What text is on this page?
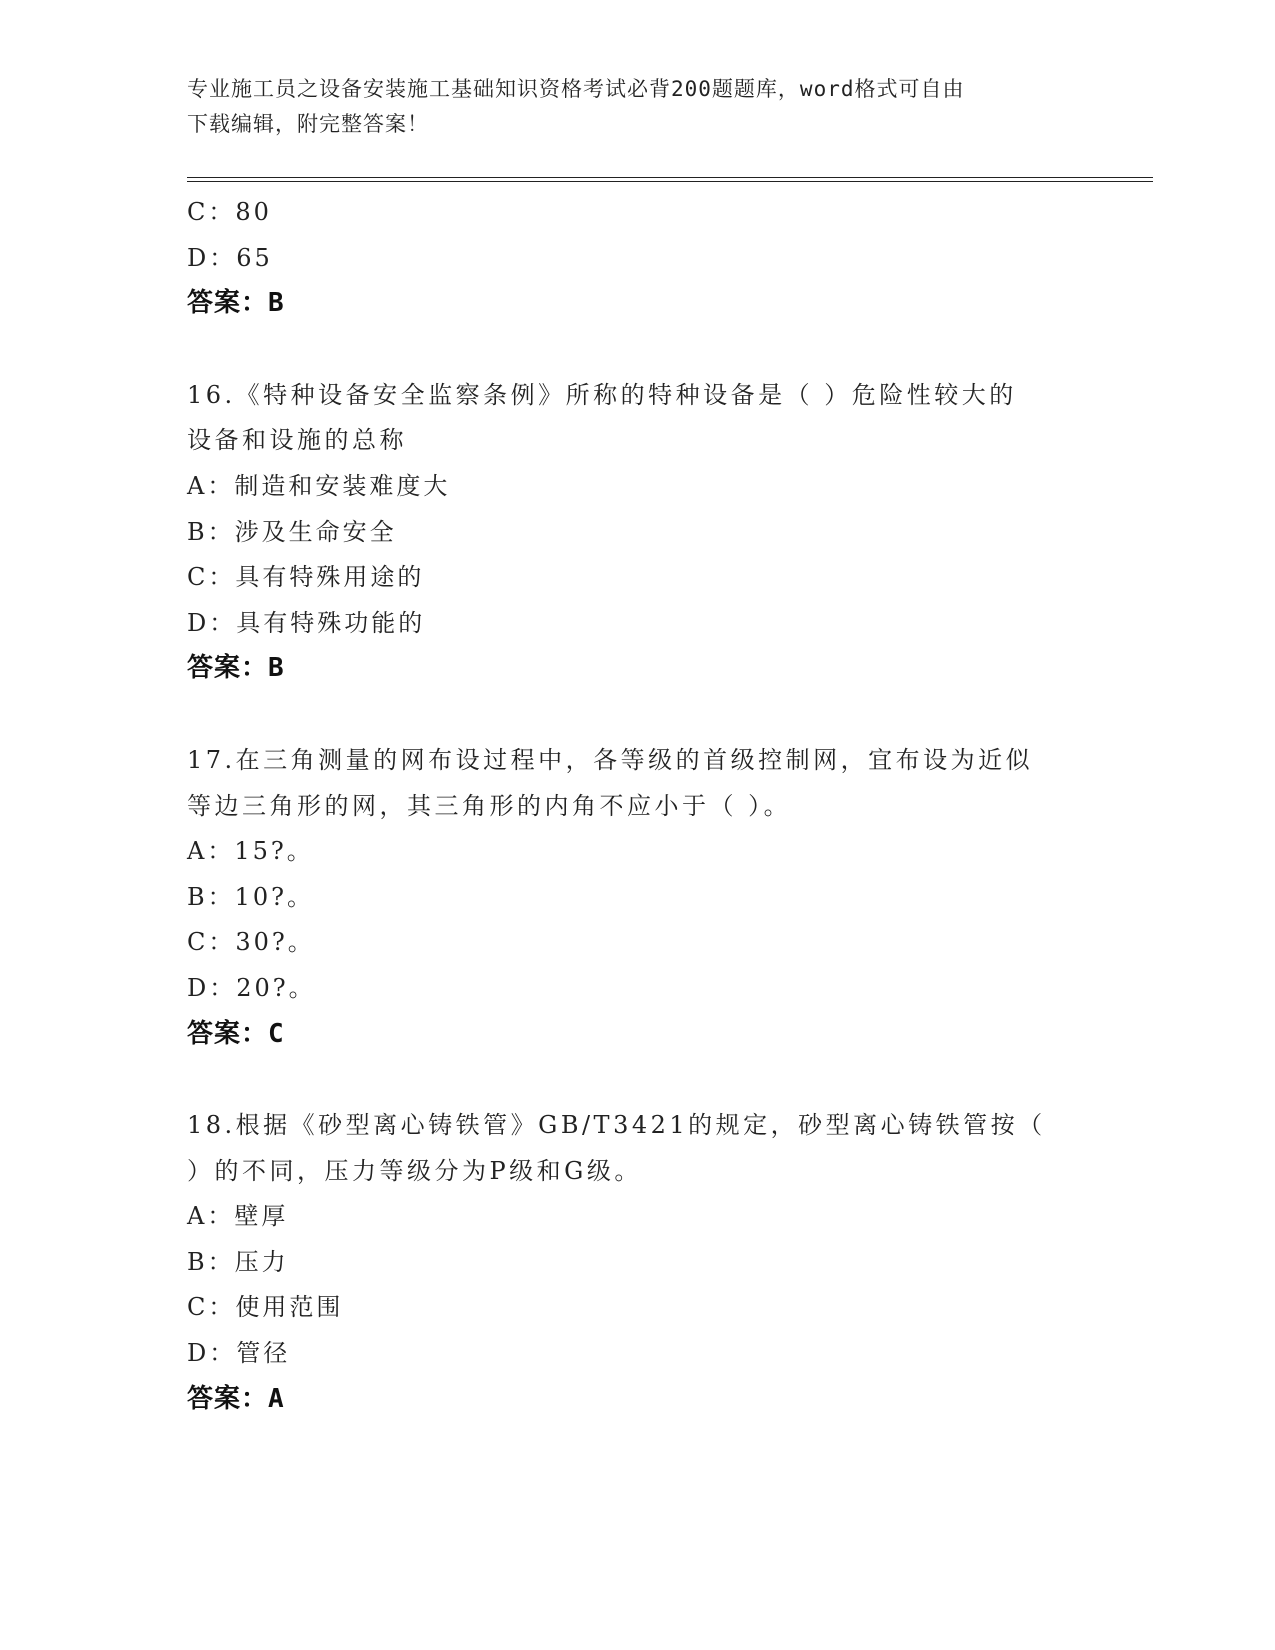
专业施工员之设备安装施工基础知识资格考试必背200题题库，word格式可自由
下载编辑，附完整答案！
C：80
D：65
答案：B
16.《特种设备安全监察条例》所称的特种设备是（ ）危险性较大的
设备和设施的总称
A：制造和安装难度大
B：涉及生命安全
C：具有特殊用途的
D：具有特殊功能的
答案：B
17.在三角测量的网布设过程中，各等级的首级控制网，宜布设为近似
等边三角形的网，其三角形的内角不应小于（ ）。
A：15?。
B：10?。
C：30?。
D：20?。
答案：C
18.根据《砂型离心铸铁管》GB/T3421的规定，砂型离心铸铁管按（
）的不同，压力等级分为P级和G级。
A：壁厚
B：压力
C：使用范围
D：管径
答案：A
